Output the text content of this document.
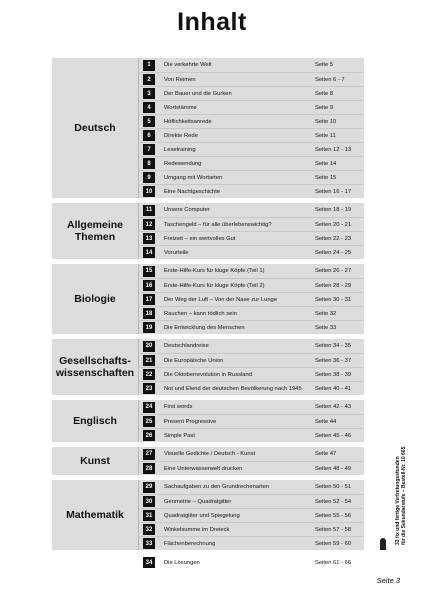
Inhalt
Deutsch
1	Die verkehrte Welt	Seite 5
2	Von Reimen	Seiten 6 - 7
3	Der Bauer und die Gurken	Seite 8
4	Wortstämme	Seite 9
5	Höflichkeitsanrede	Seite 10
6	Direkte Rede	Seite 11
7	Lesetraining	Seiten 12 - 13
8	Redewendung	Seite 14
9	Umgang mit Wortarten	Seite 15
10	Eine Nachtgeschichte	Seiten 16 - 17
Allgemeine
Themen
11	Unsere Computer	Seiten 18 - 19
12	Taschengeld – für alle überlebenswichtig?	Seiten 20 - 21
13	Freizeit – ein wertvolles Gut	Seiten 22 - 23
14	Vorurteile	Seiten 24 - 25
Biologie
15	Erste-Hilfe-Kurs für kluge Köpfe (Teil 1)	Seiten 26 - 27
16	Erste-Hilfe-Kurs für kluge Köpfe (Teil 2)	Seiten 28 - 29
17	Der Weg der Luft – Von der Nase zur Lunge	Seiten 30 - 31
18	Rauchen – kann tödlich sein	Seite 32
19	Die Entwicklung des Menschen	Seite 33
Gesellschafts-
wissenschaften
20	Deutschlandreise	Seiten 34 - 35
21	Die Europäische Union	Seiten 36 - 37
22	Die Oktoberrevolution in Russland	Seiten 38 - 39
23	Not und Elend der deutschen Bevölkerung nach 1945	Seiten 40 - 41
Englisch
24	First words	Seiten 42 - 43
25	Present Progressive	Seite 44
26	Simple Past	Seiten 45 - 46
Kunst
27	Visuelle Gedichte / Deutsch - Kunst	Seite 47
28	Eine Unterwasserwelt drucken	Seiten 48 - 49
Mathematik
29	Sachaufgaben zu den Grundrechenarten	Seiten 50 - 51
30	Geometrie – Quadratgitter	Seiten 52 - 54
31	Quadratgitter und Spiegelung	Seiten 55 - 56
32	Winkelsumme im Dreieck	Seiten 57 - 58
33	Flächenberechnung	Seiten 59 - 60
34	Die Lösungen	Seiten 61 - 66
33 fix und fertige Vertretungsstunden für die Sekundarstufe – Bestell-Nr. 10 665
Seite 3
